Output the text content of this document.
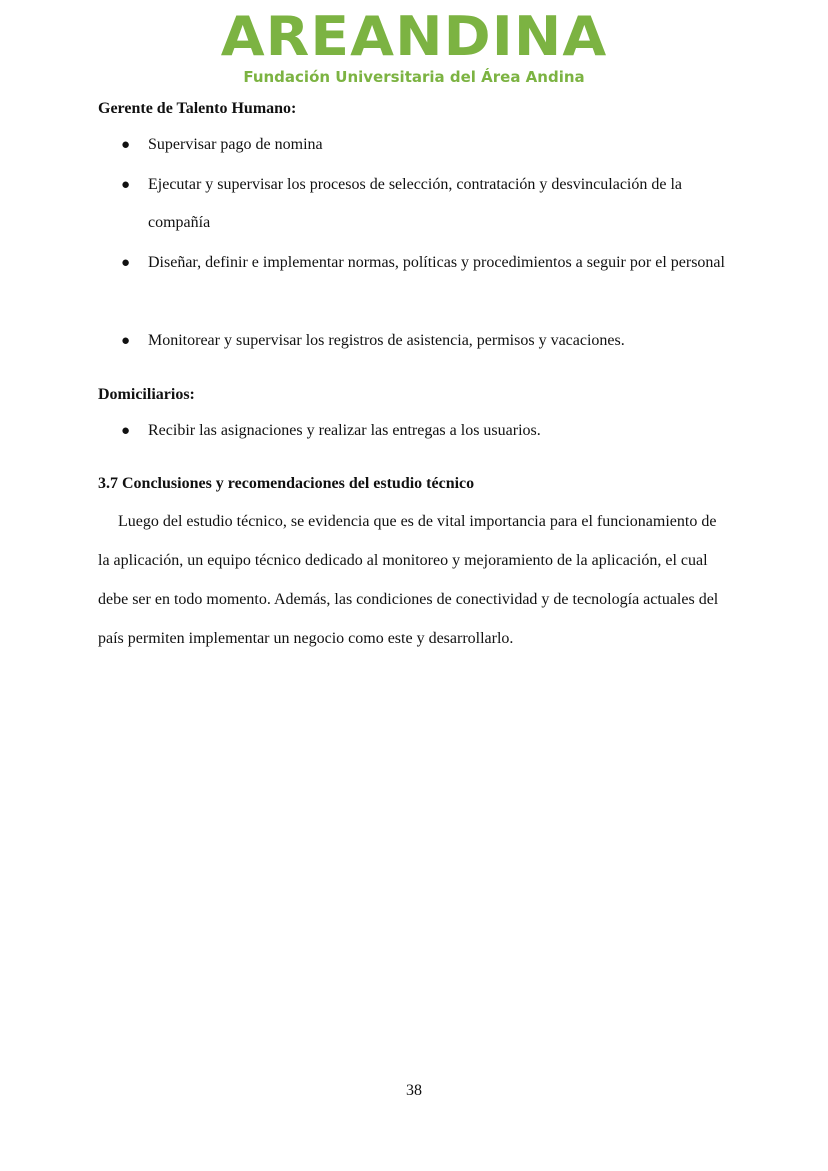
AREANDINA
Fundación Universitaria del Área Andina
Gerente de Talento Humano:
●	Supervisar pago de nomina
●	Ejecutar y supervisar los procesos de selección, contratación y desvinculación de la compañía
●	Diseñar, definir e implementar normas, políticas y procedimientos a seguir por el personal
●	Monitorear y supervisar los registros de asistencia, permisos y vacaciones.
Domiciliarios:
●	Recibir las asignaciones y realizar las entregas a los usuarios.
3.7 Conclusiones y recomendaciones del estudio técnico
Luego del estudio técnico, se evidencia que es de vital importancia para el funcionamiento de la aplicación, un equipo técnico dedicado al monitoreo y mejoramiento de la aplicación, el cual debe ser en todo momento. Además, las condiciones de conectividad y de tecnología actuales del país permiten implementar un negocio como este y desarrollarlo.
38
